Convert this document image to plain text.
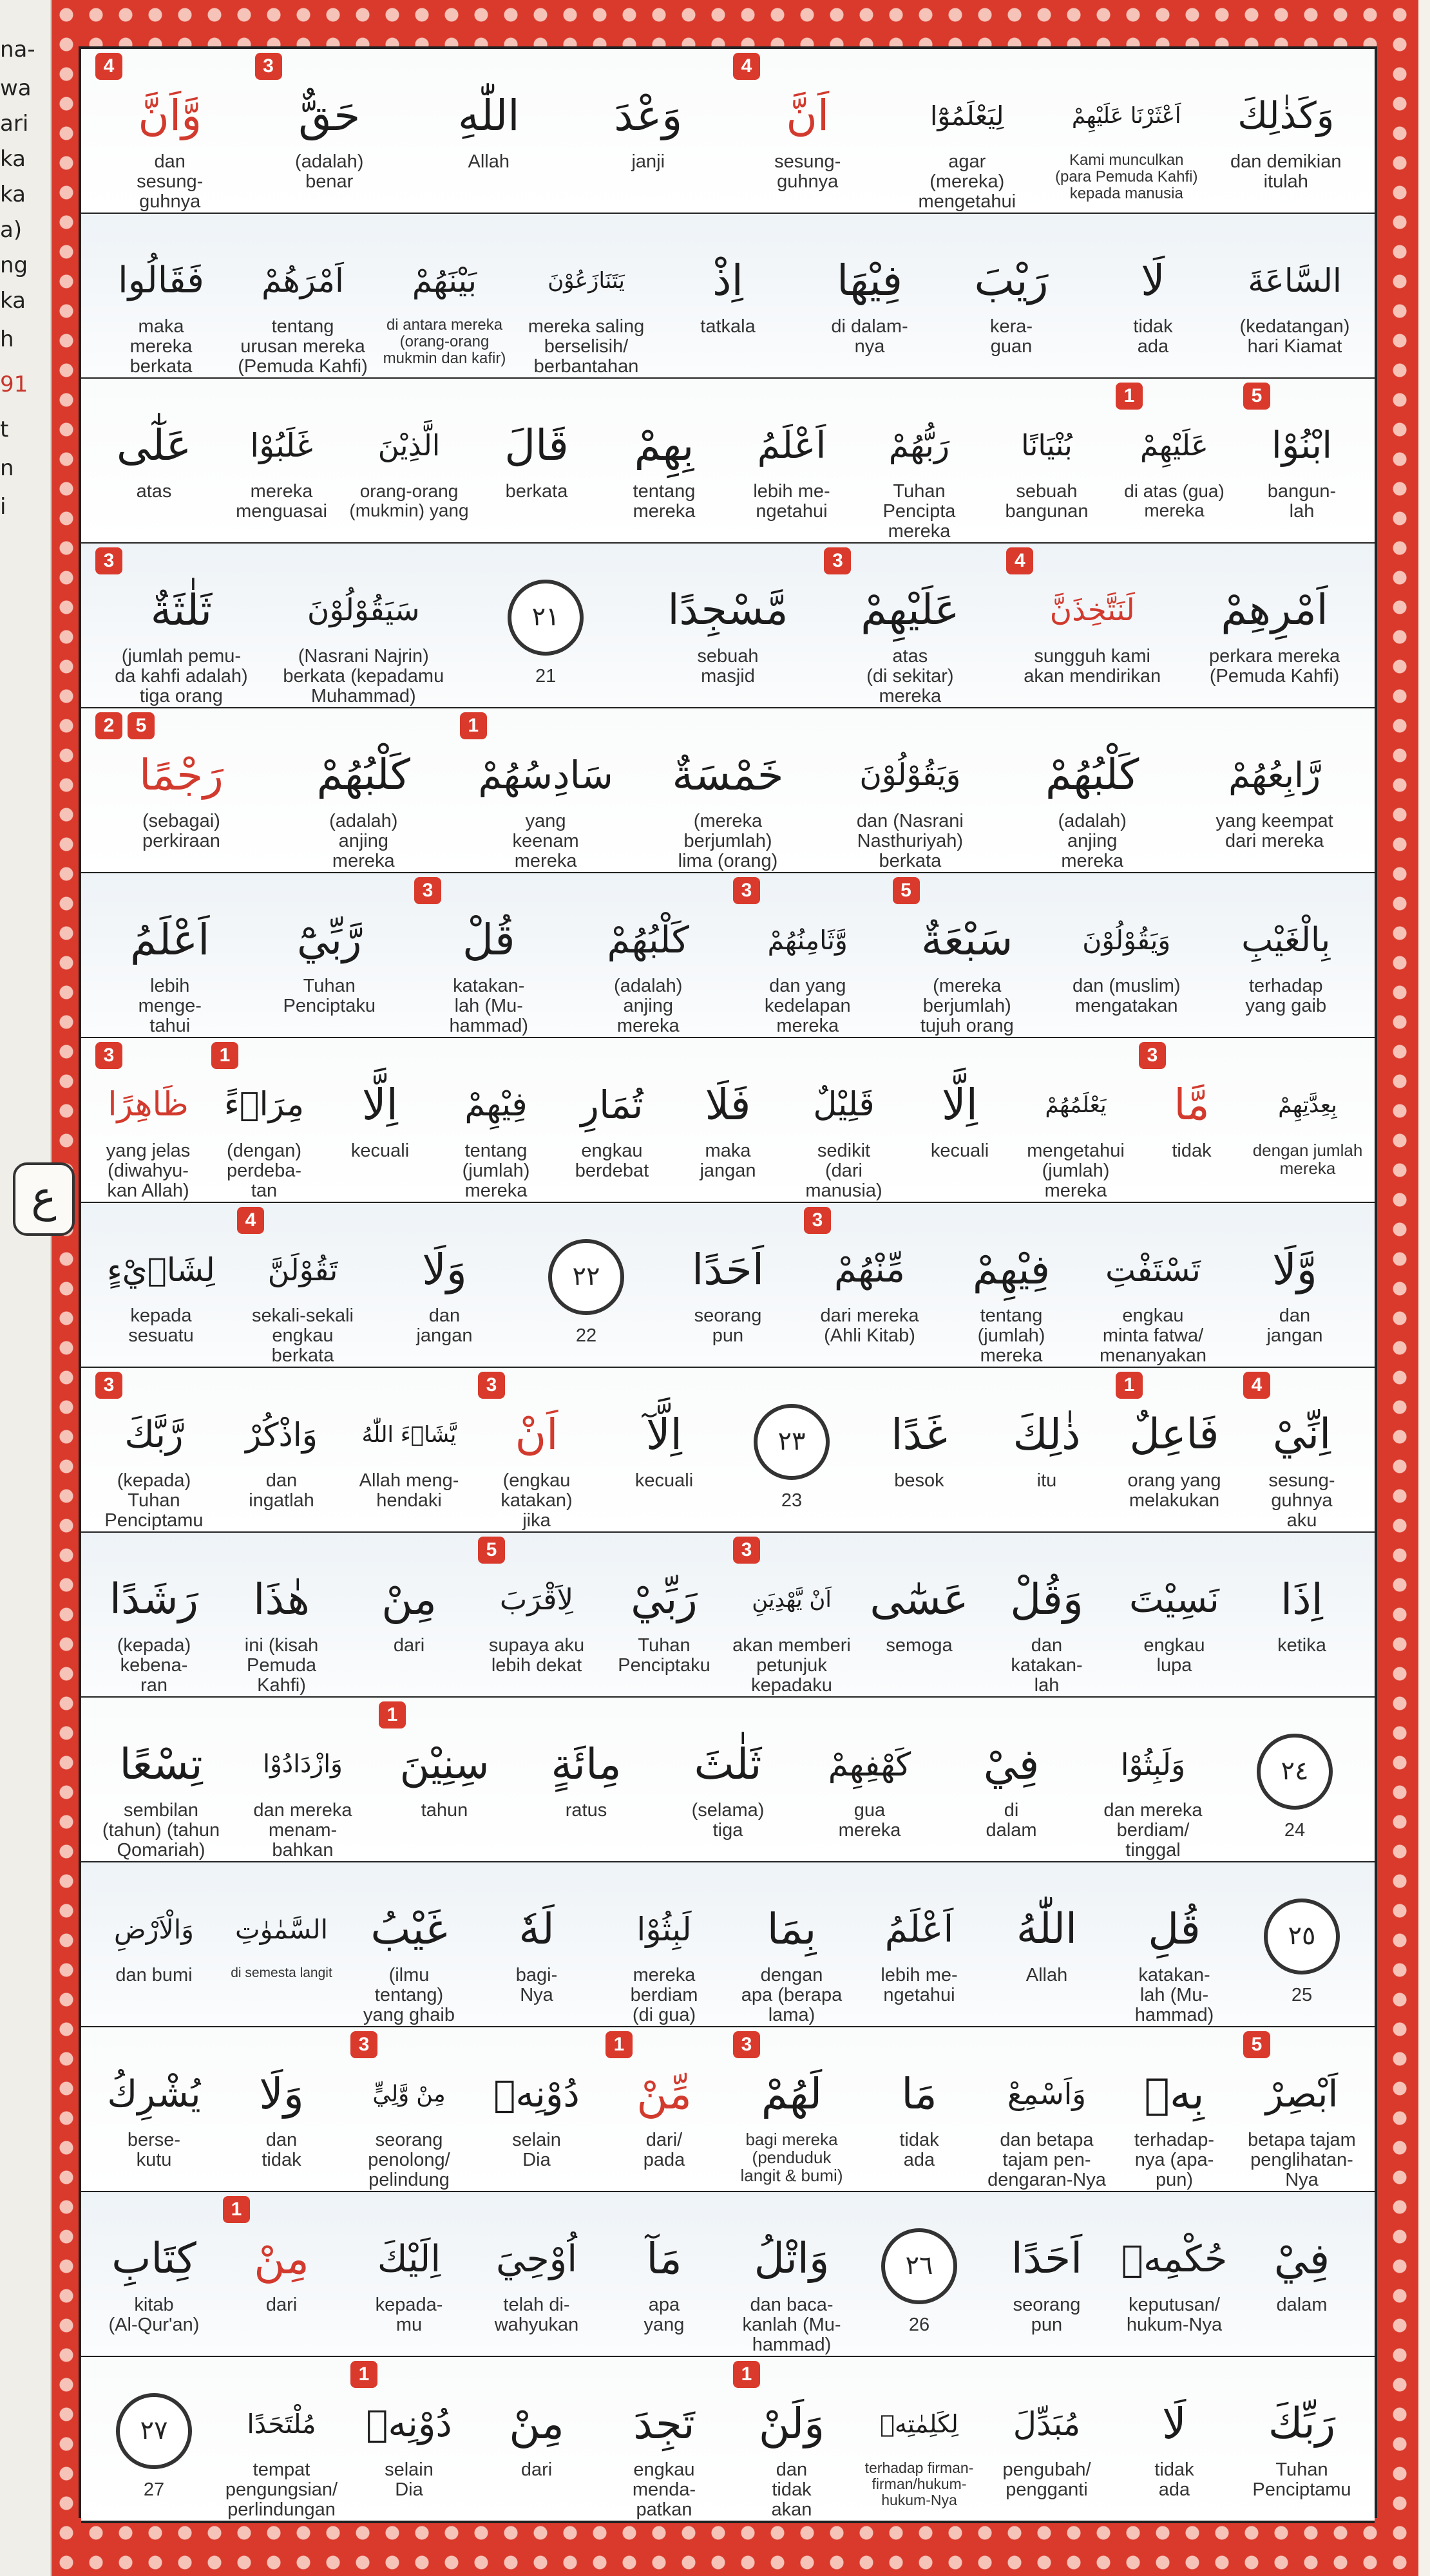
na-
wa
ari
ka
ka
a)
ng
ka
h
91
t
n
i
ع
وَكَذٰلِكَ
dan demikian
itulah
اَعْثَرْنَا عَلَيْهِمْ
Kami munculkan
(para Pemuda Kahfi)
kepada manusia
لِيَعْلَمُوْٓا
agar
(mereka)
mengetahui
اَنَّ
sesung-
guhnya
4
وَعْدَ
janji
اللّٰهِ
Allah
حَقٌّ
(adalah)
benar
3
وَّاَنَّ
dan
sesung-
guhnya
4
السَّاعَةَ
(kedatangan)
hari Kiamat
لَا
tidak
ada
رَيْبَ
kera-
guan
فِيْهَا
di dalam-
nya
اِذْ
tatkala
يَتَنَازَعُوْنَ
mereka saling
berselisih/
berbantahan
بَيْنَهُمْ
di antara mereka
(orang-orang
mukmin dan kafir)
اَمْرَهُمْ
tentang
urusan mereka
(Pemuda Kahfi)
فَقَالُوا
maka
mereka
berkata
ابْنُوْا
bangun-
lah
5
عَلَيْهِمْ
di atas (gua)
mereka
1
بُنْيَانًا
sebuah
bangunan
رَبُّهُمْ
Tuhan
Pencipta
mereka
اَعْلَمُ
lebih me-
ngetahui
بِهِمْ
tentang
mereka
قَالَ
berkata
الَّذِيْنَ
orang-orang
(mukmin) yang
غَلَبُوْا
mereka
menguasai
عَلٰٓى
atas
اَمْرِهِمْ
perkara mereka
(Pemuda Kahfi)
لَنَتَّخِذَنَّ
sungguh kami
akan mendirikan
4
عَلَيْهِمْ
atas
(di sekitar)
mereka
3
مَّسْجِدًا
sebuah
masjid
٢١
21
سَيَقُوْلُوْنَ
(Nasrani Najrin)
berkata (kepadamu
Muhammad)
ثَلٰثَةٌ
(jumlah pemu-
da kahfi adalah)
tiga orang
3
رَّابِعُهُمْ
yang keempat
dari mereka
كَلْبُهُمْ
(adalah)
anjing
mereka
وَيَقُوْلُوْنَ
dan (Nasrani
Nasthuriyah)
berkata
خَمْسَةٌ
(mereka
berjumlah)
lima (orang)
سَادِسُهُمْ
yang
keenam
mereka
1
كَلْبُهُمْ
(adalah)
anjing
mereka
رَجْمًا
(sebagai)
perkiraan
2	5
بِالْغَيْبِ
terhadap
yang gaib
وَيَقُوْلُوْنَ
dan (muslim)
mengatakan
سَبْعَةٌ
(mereka
berjumlah)
tujuh orang
5
وَّثَامِنُهُمْ
dan yang
kedelapan
mereka
3
كَلْبُهُمْ
(adalah)
anjing
mereka
قُلْ
katakan-
lah (Mu-
hammad)
3
رَّبِّيْٓ
Tuhan
Penciptaku
اَعْلَمُ
lebih
menge-
tahui
بِعِدَّتِهِمْ
dengan jumlah
mereka
مَّا
tidak
3
يَعْلَمُهُمْ
mengetahui
(jumlah)
mereka
اِلَّا
kecuali
قَلِيْلٌ
sedikit
(dari
manusia)
فَلَا
maka
jangan
تُمَارِ
engkau
berdebat
فِيْهِمْ
tentang
(jumlah)
mereka
اِلَّا
kecuali
مِرَاۤءً
(dengan)
perdeba-
tan
1
ظَاهِرًا
yang jelas
(diwahyu-
kan Allah)
3
وَّلَا
dan
jangan
تَسْتَفْتِ
engkau
minta fatwa/
menanyakan
فِيْهِمْ
tentang
(jumlah)
mereka
مِّنْهُمْ
dari mereka
(Ahli Kitab)
3
اَحَدًا
seorang
pun
٢٢
22
وَلَا
dan
jangan
تَقُوْلَنَّ
sekali-sekali
engkau
berkata
4
لِشَا۟يْءٍ
kepada
sesuatu
اِنِّيْ
sesung-
guhnya
aku
4
فَاعِلٌ
orang yang
melakukan
1
ذٰلِكَ
itu
غَدًا
besok
٢٣
23
اِلَّآ
kecuali
اَنْ
(engkau
katakan)
jika
3
يَّشَاۤءَ اللّٰهُ
Allah meng-
hendaki
وَاذْكُرْ
dan
ingatlah
رَّبَّكَ
(kepada)
Tuhan
Penciptamu
3
اِذَا
ketika
نَسِيْتَ
engkau
lupa
وَقُلْ
dan
katakan-
lah
عَسٰٓى
semoga
اَنْ يَّهْدِيَنِ
akan memberi
petunjuk
kepadaku
3
رَبِّيْ
Tuhan
Penciptaku
لِاَقْرَبَ
supaya aku
lebih dekat
5
مِنْ
dari
هٰذَا
ini (kisah
Pemuda
Kahfi)
رَشَدًا
(kepada)
kebena-
ran
٢٤
24
وَلَبِثُوْا
dan mereka
berdiam/
tinggal
فِيْ
di
dalam
كَهْفِهِمْ
gua
mereka
ثَلٰثَ
(selama)
tiga
مِائَةٍ
ratus
سِنِيْنَ
tahun
1
وَازْدَادُوْا
dan mereka
menam-
bahkan
تِسْعًا
sembilan
(tahun) (tahun
Qomariah)
٢٥
25
قُلِ
katakan-
lah (Mu-
hammad)
اللّٰهُ
Allah
اَعْلَمُ
lebih me-
ngetahui
بِمَا
dengan
apa (berapa
lama)
لَبِثُوْا
mereka
berdiam
(di gua)
لَهٗ
bagi-
Nya
غَيْبُ
(ilmu
tentang)
yang ghaib
السَّمٰوٰتِ
di semesta langit
وَالْاَرْضِ
dan bumi
اَبْصِرْ
betapa tajam
penglihatan-
Nya
5
بِهٖ
terhadap-
nya (apa-
pun)
وَاَسْمِعْ
dan betapa
tajam pen-
dengaran-Nya
مَا
tidak
ada
لَهُمْ
bagi mereka
(penduduk
langit & bumi)
3
مِّنْ
dari/
pada
1
دُوْنِهٖ
selain
Dia
مِنْ وَّلِيٍّ
seorang
penolong/
pelindung
3
وَلَا
dan
tidak
يُشْرِكُ
berse-
kutu
فِيْ
dalam
حُكْمِهٖ
keputusan/
hukum-Nya
اَحَدًا
seorang
pun
٢٦
26
وَاتْلُ
dan baca-
kanlah (Mu-
hammad)
مَآ
apa
yang
اُوْحِيَ
telah di-
wahyukan
اِلَيْكَ
kepada-
mu
مِنْ
dari
1
كِتَابِ
kitab
(Al-Qur'an)
رَبِّكَ
Tuhan
Penciptamu
لَا
tidak
ada
مُبَدِّلَ
pengubah/
pengganti
لِكَلِمٰتِهٖ
terhadap firman-
firman/hukum-
hukum-Nya
وَلَنْ
dan
tidak
akan
1
تَجِدَ
engkau
menda-
patkan
مِنْ
dari
دُوْنِهٖ
selain
Dia
1
مُلْتَحَدًا
tempat
pengungsian/
perlindungan
٢٧
27
